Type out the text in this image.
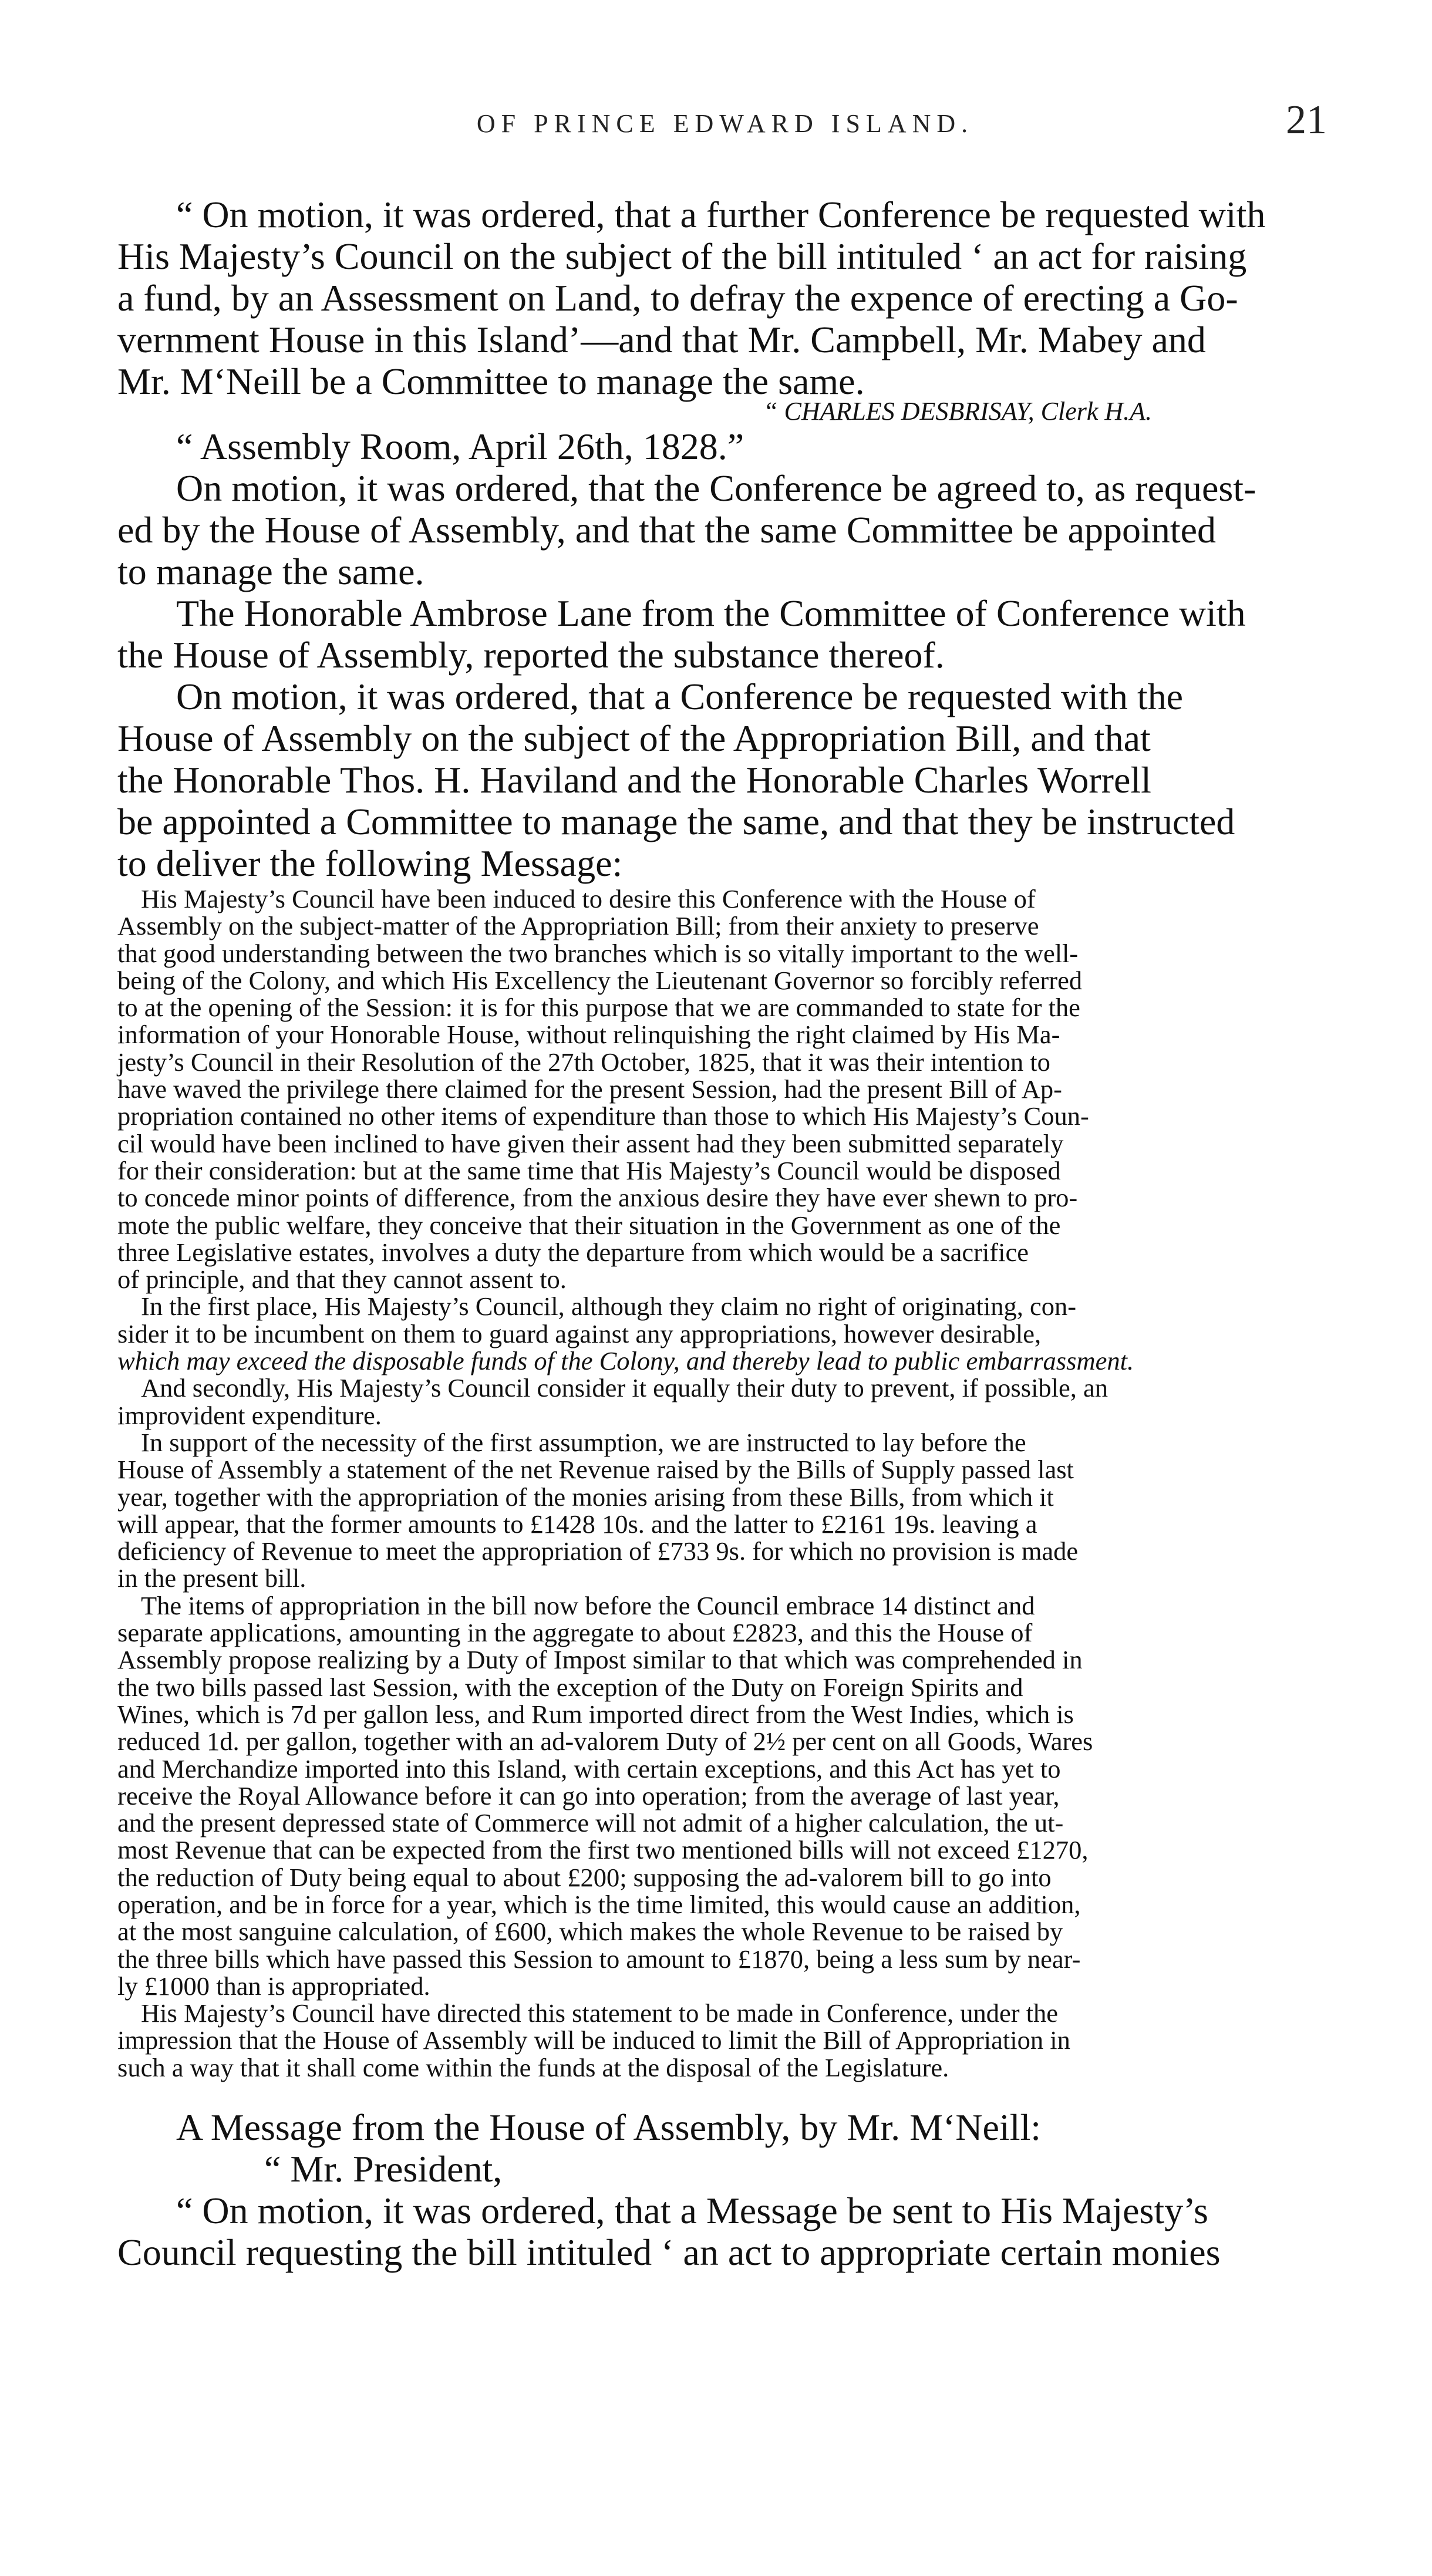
OF PRINCE EDWARD ISLAND.	21
“ On motion, it was ordered, that a further Conference be requested with
His Majesty’s Council on the subject of the bill intituled ‘ an act for raising
a fund, by an Assessment on Land, to defray the expence of erecting a Go-
vernment House in this Island’—and that Mr. Campbell, Mr. Mabey and
Mr. M‘Neill be a Committee to manage the same.
“ CHARLES DESBRISAY, Clerk H.A.
“ Assembly Room, April 26th, 1828.”
On motion, it was ordered, that the Conference be agreed to, as request-
ed by the House of Assembly, and that the same Committee be appointed
to manage the same.
The Honorable Ambrose Lane from the Committee of Conference with
the House of Assembly, reported the substance thereof.
On motion, it was ordered, that a Conference be requested with the
House of Assembly on the subject of the Appropriation Bill, and that
the Honorable Thos. H. Haviland and the Honorable Charles Worrell
be appointed a Committee to manage the same, and that they be instructed
to deliver the following Message:
His Majesty’s Council have been induced to desire this Conference with the House of
Assembly on the subject-matter of the Appropriation Bill; from their anxiety to preserve
that good understanding between the two branches which is so vitally important to the well-
being of the Colony, and which His Excellency the Lieutenant Governor so forcibly referred
to at the opening of the Session: it is for this purpose that we are commanded to state for the
information of your Honorable House, without relinquishing the right claimed by His Ma-
jesty’s Council in their Resolution of the 27th October, 1825, that it was their intention to
have waved the privilege there claimed for the present Session, had the present Bill of Ap-
propriation contained no other items of expenditure than those to which His Majesty’s Coun-
cil would have been inclined to have given their assent had they been submitted separately
for their consideration: but at the same time that His Majesty’s Council would be disposed
to concede minor points of difference, from the anxious desire they have ever shewn to pro-
mote the public welfare, they conceive that their situation in the Government as one of the
three Legislative estates, involves a duty the departure from which would be a sacrifice
of principle, and that they cannot assent to.
In the first place, His Majesty’s Council, although they claim no right of originating, con-
sider it to be incumbent on them to guard against any appropriations, however desirable,
which may exceed the disposable funds of the Colony, and thereby lead to public embarrassment.
And secondly, His Majesty’s Council consider it equally their duty to prevent, if possible, an
improvident expenditure.
In support of the necessity of the first assumption, we are instructed to lay before the
House of Assembly a statement of the net Revenue raised by the Bills of Supply passed last
year, together with the appropriation of the monies arising from these Bills, from which it
will appear, that the former amounts to £1428 10s. and the latter to £2161 19s. leaving a
deficiency of Revenue to meet the appropriation of £733 9s. for which no provision is made
in the present bill.
The items of appropriation in the bill now before the Council embrace 14 distinct and
separate applications, amounting in the aggregate to about £2823, and this the House of
Assembly propose realizing by a Duty of Impost similar to that which was comprehended in
the two bills passed last Session, with the exception of the Duty on Foreign Spirits and
Wines, which is 7d per gallon less, and Rum imported direct from the West Indies, which is
reduced 1d. per gallon, together with an ad-valorem Duty of 2½ per cent on all Goods, Wares
and Merchandize imported into this Island, with certain exceptions, and this Act has yet to
receive the Royal Allowance before it can go into operation; from the average of last year,
and the present depressed state of Commerce will not admit of a higher calculation, the ut-
most Revenue that can be expected from the first two mentioned bills will not exceed £1270,
the reduction of Duty being equal to about £200; supposing the ad-valorem bill to go into
operation, and be in force for a year, which is the time limited, this would cause an addition,
at the most sanguine calculation, of £600, which makes the whole Revenue to be raised by
the three bills which have passed this Session to amount to £1870, being a less sum by near-
ly £1000 than is appropriated.
His Majesty’s Council have directed this statement to be made in Conference, under the
impression that the House of Assembly will be induced to limit the Bill of Appropriation in
such a way that it shall come within the funds at the disposal of the Legislature.
A Message from the House of Assembly, by Mr. M‘Neill:
“ Mr. President,
“ On motion, it was ordered, that a Message be sent to His Majesty’s
Council requesting the bill intituled ‘ an act to appropriate certain monies
